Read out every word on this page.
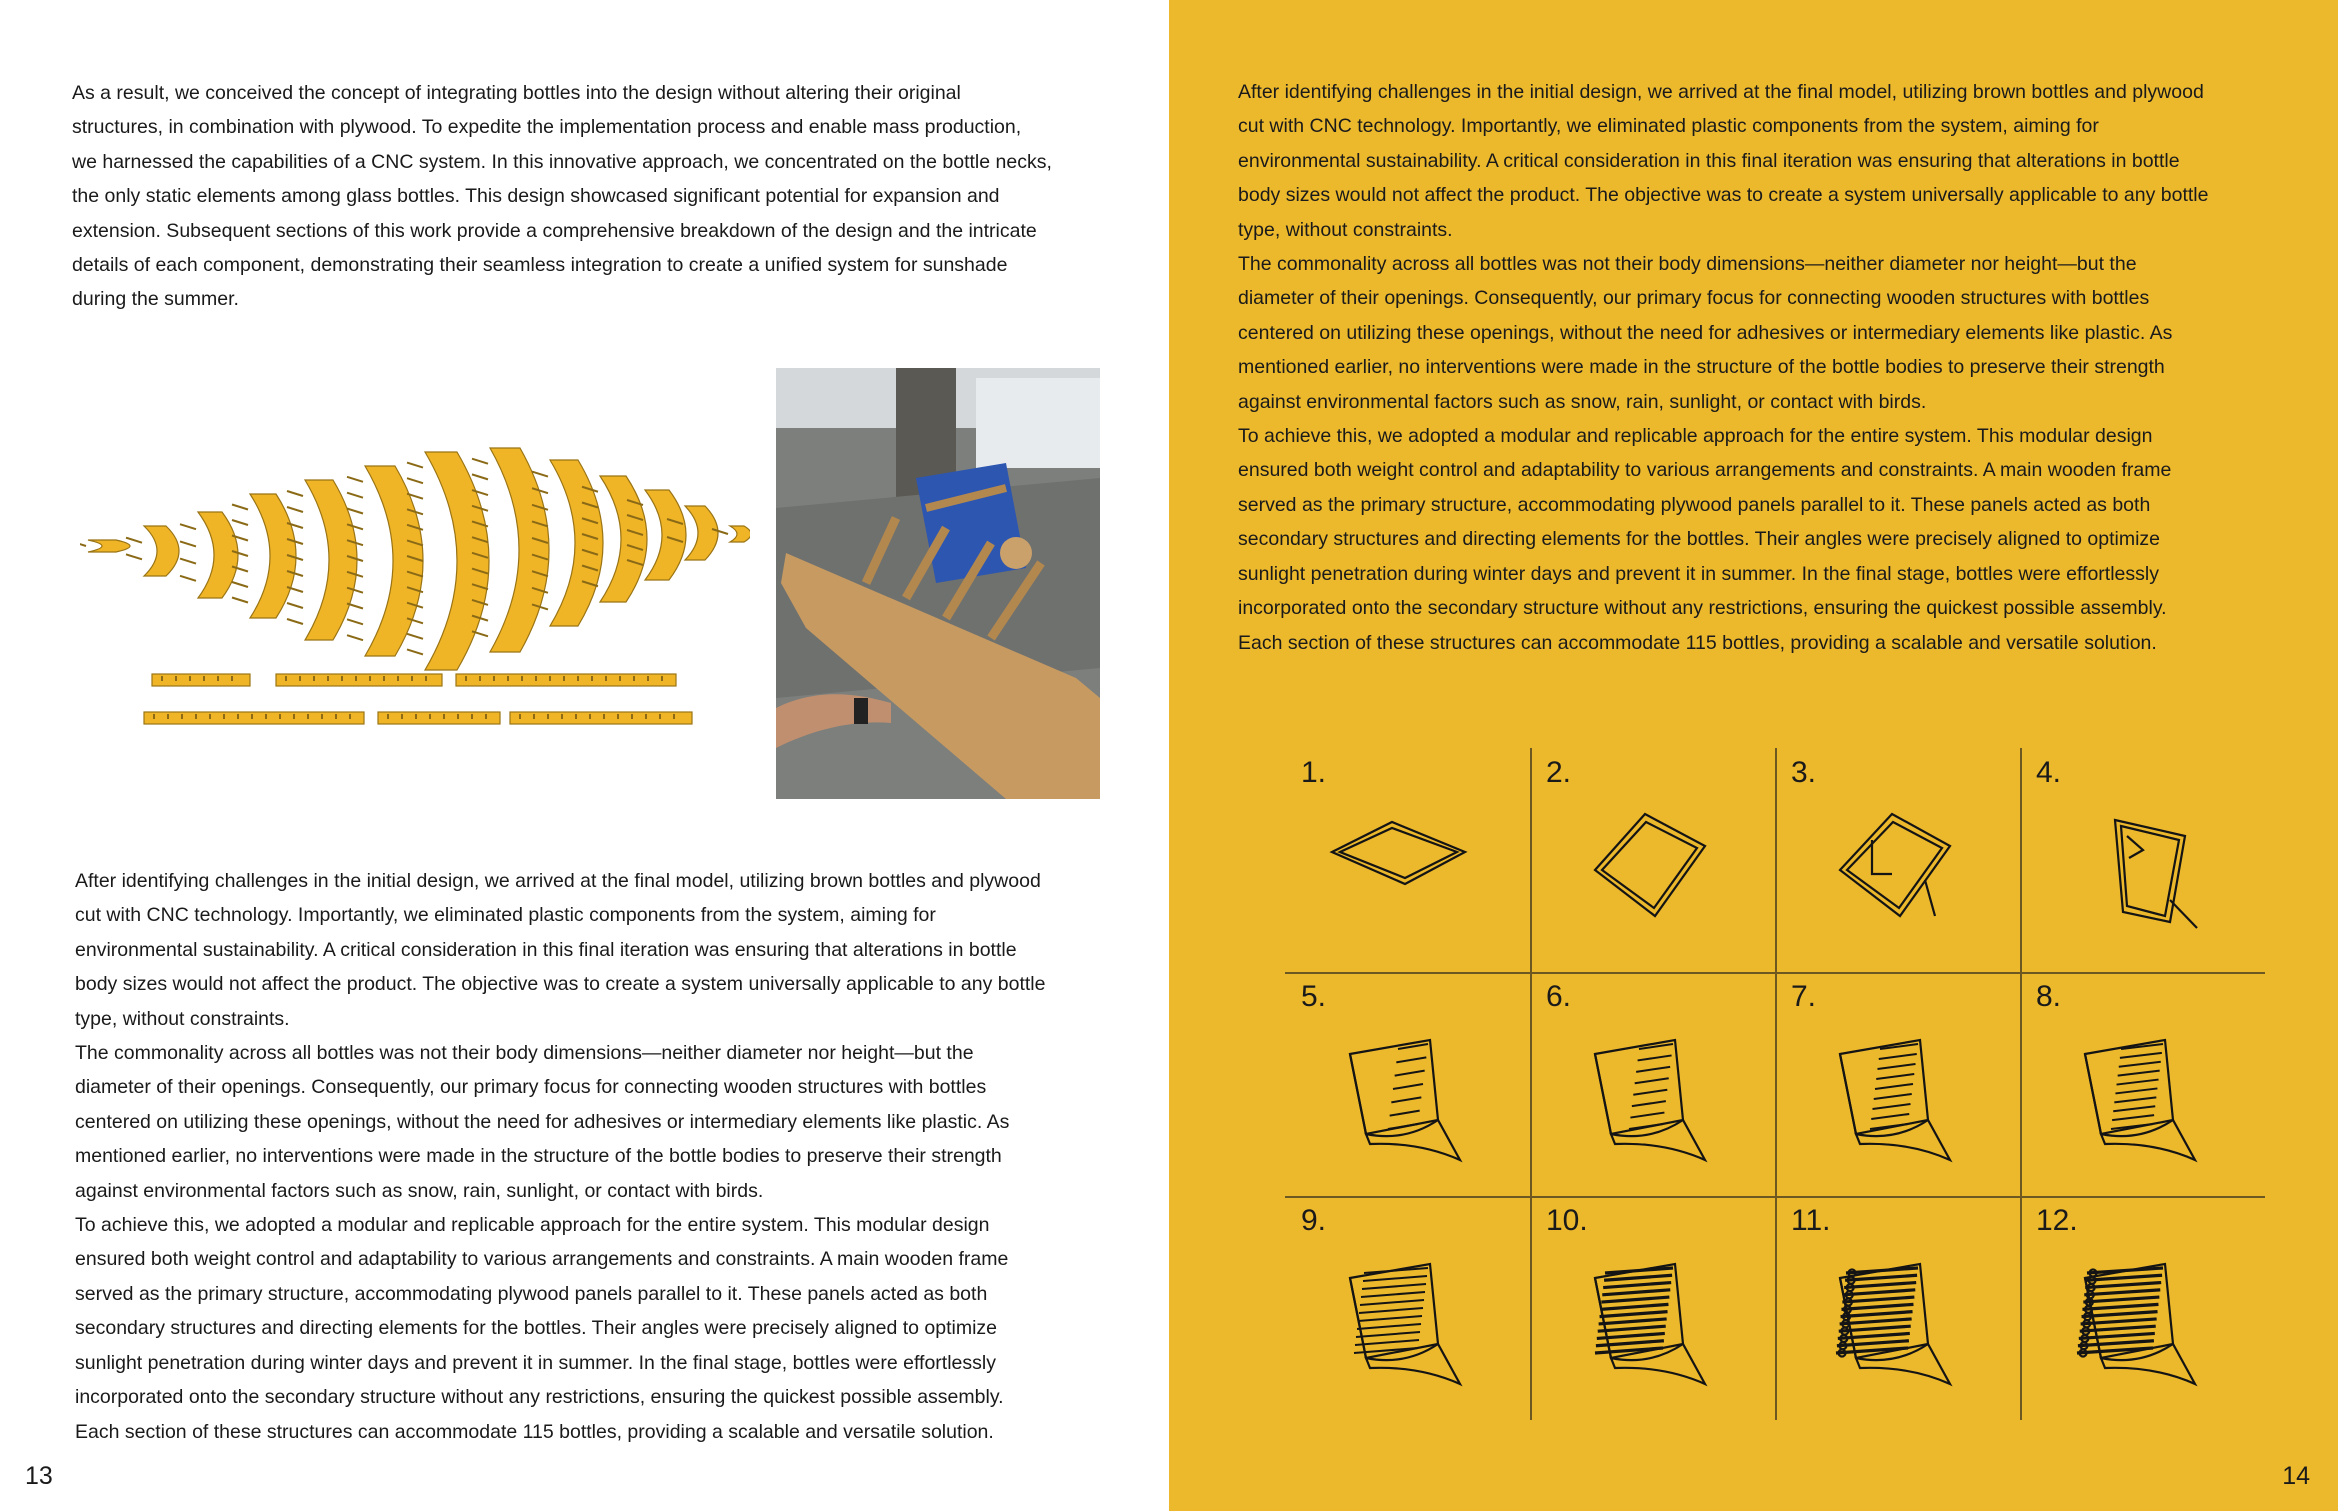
As a result, we conceived the concept of integrating bottles into the design without altering their original

structures, in combination with plywood. To expedite the implementation process and enable mass production,

we harnessed the capabilities of a CNC system. In this innovative approach, we concentrated on the bottle necks,

the only static elements among glass bottles. This design showcased significant potential for expansion and

extension. Subsequent sections of this work provide a comprehensive breakdown of the design and the intricate

details of each component, demonstrating their seamless integration to create a unified system for sunshade

during the summer.

After identifying challenges in the initial design, we arrived at the final model, utilizing brown bottles and plywood

cut with CNC technology. Importantly, we eliminated plastic components from the system, aiming for

environmental sustainability. A critical consideration in this final iteration was ensuring that alterations in bottle

body sizes would not affect the product. The objective was to create a system universally applicable to any bottle

type, without constraints.

The commonality across all bottles was not their body dimensions—neither diameter nor height—but the

diameter of their openings. Consequently, our primary focus for connecting wooden structures with bottles

centered on utilizing these openings, without the need for adhesives or intermediary elements like plastic. As

mentioned earlier, no interventions were made in the structure of the bottle bodies to preserve their strength

against environmental factors such as snow, rain, sunlight, or contact with birds.

To achieve this, we adopted a modular and replicable approach for the entire system. This modular design

ensured both weight control and adaptability to various arrangements and constraints. A main wooden frame

served as the primary structure, accommodating plywood panels parallel to it. These panels acted as both

secondary structures and directing elements for the bottles. Their angles were precisely aligned to optimize

sunlight penetration during winter days and prevent it in summer. In the final stage, bottles were effortlessly

incorporated onto the secondary structure without any restrictions, ensuring the quickest possible assembly.

Each section of these structures can accommodate 115 bottles, providing a scalable and versatile solution.

13

After identifying challenges in the initial design, we arrived at the final model, utilizing brown bottles and plywood

cut with CNC technology. Importantly, we eliminated plastic components from the system, aiming for

environmental sustainability. A critical consideration in this final iteration was ensuring that alterations in bottle

body sizes would not affect the product. The objective was to create a system universally applicable to any bottle

type, without constraints.

The commonality across all bottles was not their body dimensions—neither diameter nor height—but the

diameter of their openings. Consequently, our primary focus for connecting wooden structures with bottles

centered on utilizing these openings, without the need for adhesives or intermediary elements like plastic. As

mentioned earlier, no interventions were made in the structure of the bottle bodies to preserve their strength

against environmental factors such as snow, rain, sunlight, or contact with birds.

To achieve this, we adopted a modular and replicable approach for the entire system. This modular design

ensured both weight control and adaptability to various arrangements and constraints. A main wooden frame

served as the primary structure, accommodating plywood panels parallel to it. These panels acted as both

secondary structures and directing elements for the bottles. Their angles were precisely aligned to optimize

sunlight penetration during winter days and prevent it in summer. In the final stage, bottles were effortlessly

incorporated onto the secondary structure without any restrictions, ensuring the quickest possible assembly.

Each section of these structures can accommodate 115 bottles, providing a scalable and versatile solution.

1.	2.	3.	4.
5.	6.	7.	8.
9.	10.	11.	12.
14
